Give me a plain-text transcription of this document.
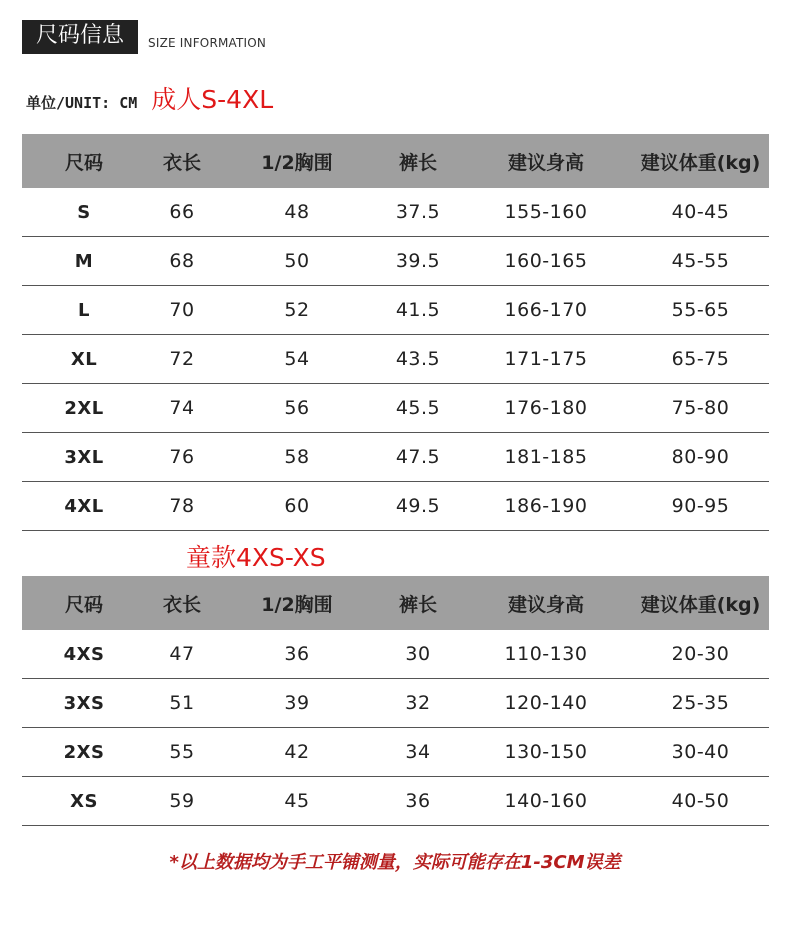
尺码信息	SIZE INFORMATION
单位/UNIT: CM 成人S-4XL
尺码	衣长	1/2胸围	裤长	建议身高	建议体重(kg)
S	66	48	37.5	155-160	40-45
M	68	50	39.5	160-165	45-55
L	70	52	41.5	166-170	55-65
XL	72	54	43.5	171-175	65-75
2XL	74	56	45.5	176-180	75-80
3XL	76	58	47.5	181-185	80-90
4XL	78	60	49.5	186-190	90-95
童款4XS-XS
尺码	衣长	1/2胸围	裤长	建议身高	建议体重(kg)
4XS	47	36	30	110-130	20-30
3XS	51	39	32	120-140	25-35
2XS	55	42	34	130-150	30-40
XS	59	45	36	140-160	40-50
*以上数据均为手工平铺测量，实际可能存在1-3CM误差
